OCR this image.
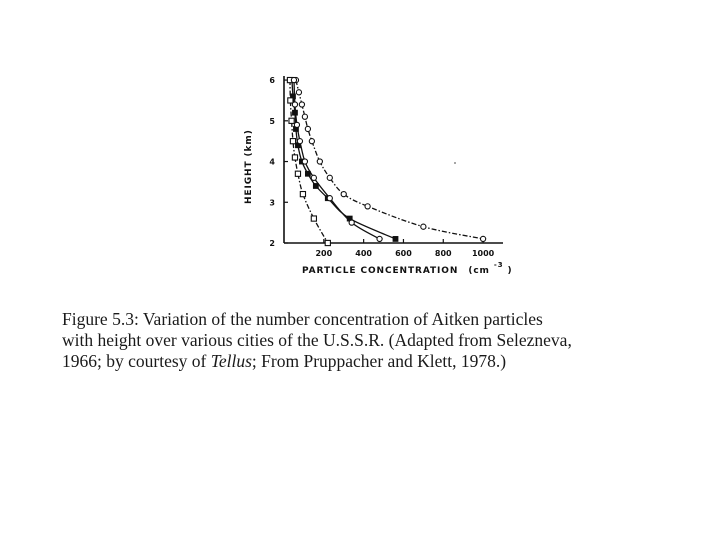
2
3
4
5
6
200	400	600	800	1000
HEIGHT (km)
PARTICLE CONCENTRATION (cm $^{-3}$ )

Figure 5.3: Variation of the number concentration of Aitken particles
with height over various cities of the U.S.S.R. (Adapted from Selezneva,
1966; by courtesy of Tellus; From Pruppacher and Klett, 1978.)
